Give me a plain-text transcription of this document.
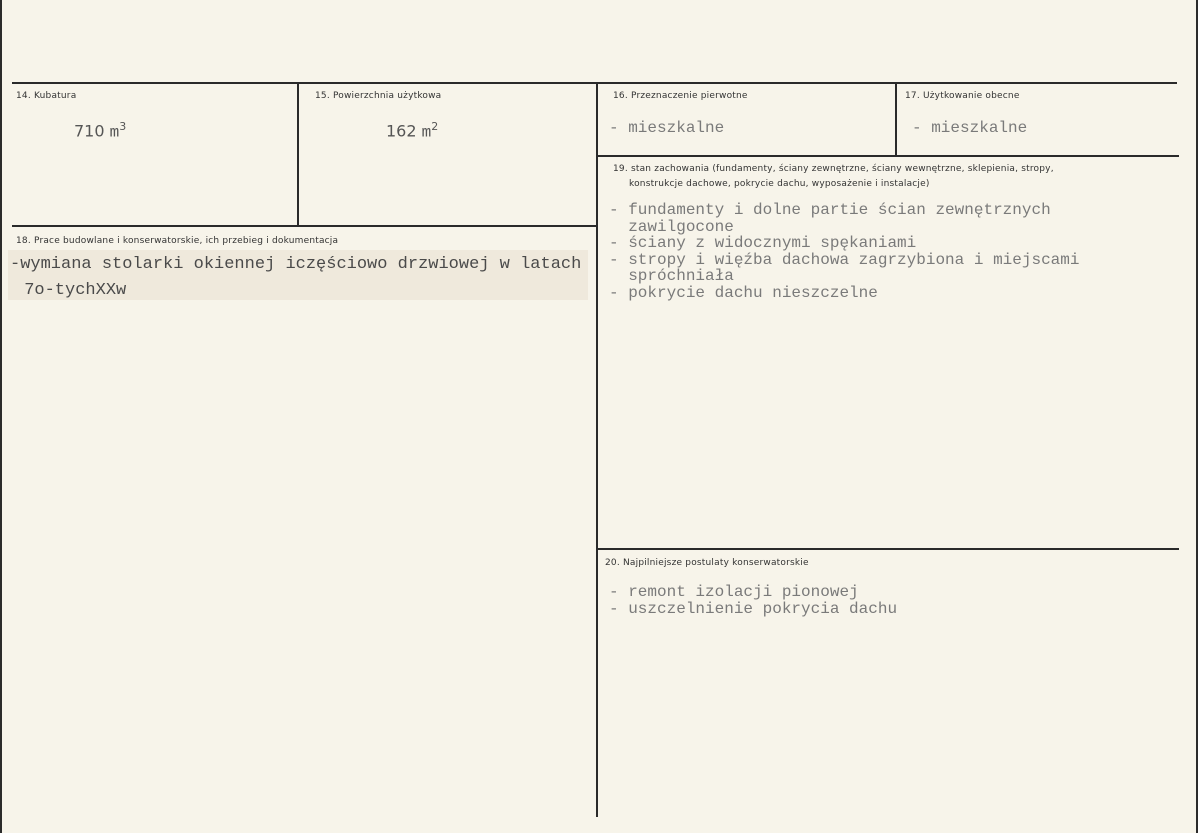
14. Kubatura
710 $m^3$
15. Powierzchnia użytkowa
162 $m^2$
16. Przeznaczenie pierwotne
- mieszkalne
17. Użytkowanie obecne
- mieszkalne
18. Prace budowlane i konserwatorskie, ich przebieg i dokumentacja
-wymiana stolarki okiennej iczęściowo drzwiowej w latach
7o-tychXXw
19. stan zachowania (fundamenty, ściany zewnętrzne, ściany wewnętrzne, sklepienia, stropy,
konstrukcje dachowe, pokrycie dachu, wyposażenie i instalacje)
- fundamenty i dolne partie ścian zewnętrznych
zawilgocone
- ściany z widocznymi spękaniami
- stropy i więźba dachowa zagrzybiona i miejscami
spróchniała
- pokrycie dachu nieszczelne
20. Najpilniejsze postulaty konserwatorskie
- remont izolacji pionowej
- uszczelnienie pokrycia dachu
